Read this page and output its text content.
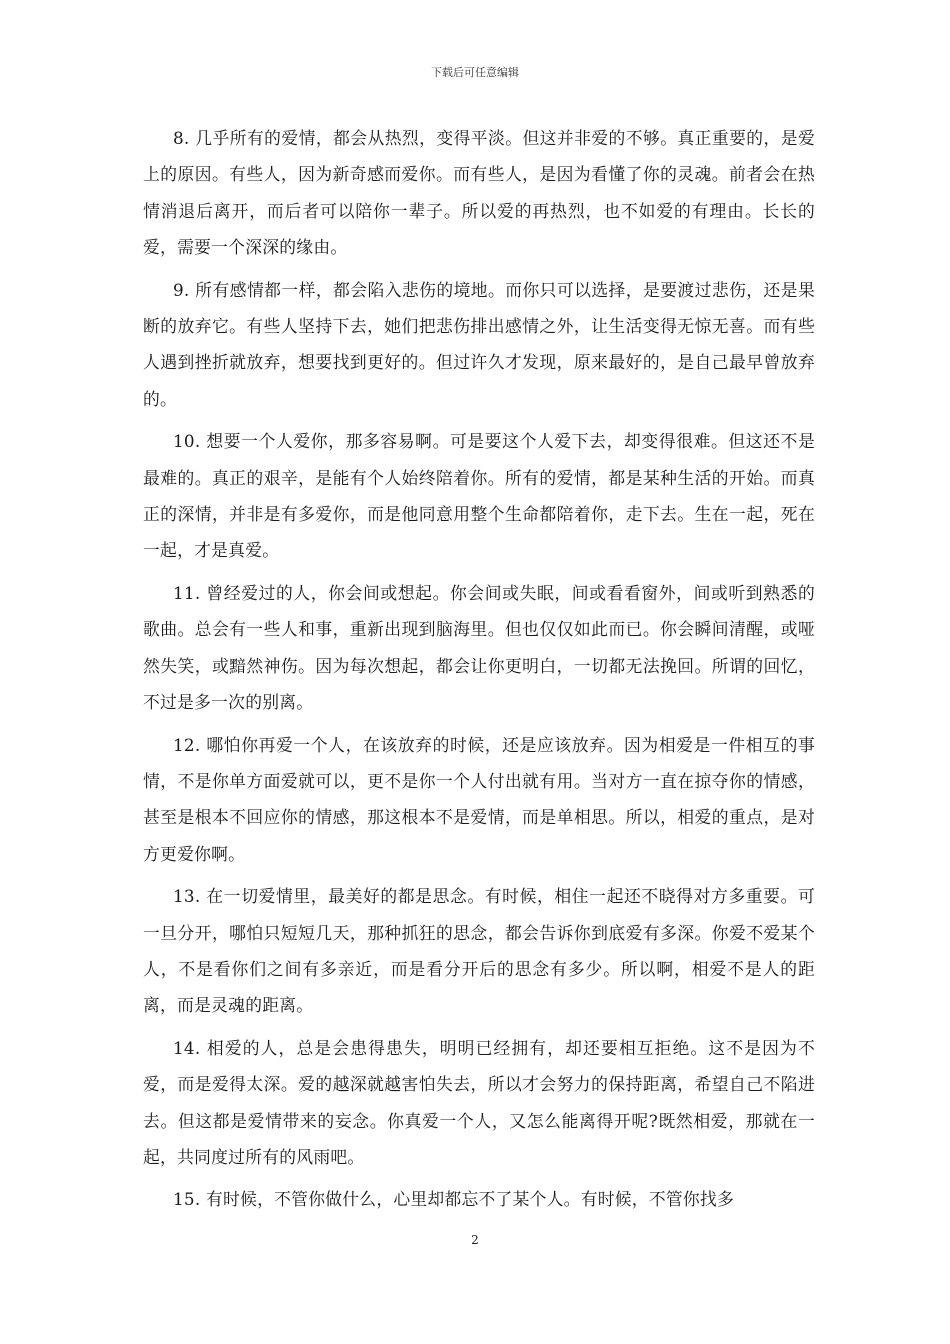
下载后可任意编辑

8. 几乎所有的爱情，都会从热烈，变得平淡。但这并非爱的不够。真正重要的，是爱上的原因。有些人，因为新奇感而爱你。而有些人，是因为看懂了你的灵魂。前者会在热情消退后离开，而后者可以陪你一辈子。所以爱的再热烈，也不如爱的有理由。长长的爱，需要一个深深的缘由。

9. 所有感情都一样，都会陷入悲伤的境地。而你只可以选择，是要渡过悲伤，还是果断的放弃它。有些人坚持下去，她们把悲伤排出感情之外，让生活变得无惊无喜。而有些人遇到挫折就放弃，想要找到更好的。但过许久才发现，原来最好的，是自己最早曾放弃的。

10. 想要一个人爱你，那多容易啊。可是要这个人爱下去，却变得很难。但这还不是最难的。真正的艰辛，是能有个人始终陪着你。所有的爱情，都是某种生活的开始。而真正的深情，并非是有多爱你，而是他同意用整个生命都陪着你，走下去。生在一起，死在一起，才是真爱。

11. 曾经爱过的人，你会间或想起。你会间或失眠，间或看看窗外，间或听到熟悉的歌曲。总会有一些人和事，重新出现到脑海里。但也仅仅如此而已。你会瞬间清醒，或哑然失笑，或黯然神伤。因为每次想起，都会让你更明白，一切都无法挽回。所谓的回忆，不过是多一次的别离。

12. 哪怕你再爱一个人，在该放弃的时候，还是应该放弃。因为相爱是一件相互的事情，不是你单方面爱就可以，更不是你一个人付出就有用。当对方一直在掠夺你的情感，甚至是根本不回应你的情感，那这根本不是爱情，而是单相思。所以，相爱的重点，是对方更爱你啊。

13. 在一切爱情里，最美好的都是思念。有时候，相住一起还不晓得对方多重要。可一旦分开，哪怕只短短几天，那种抓狂的思念，都会告诉你到底爱有多深。你爱不爱某个人，不是看你们之间有多亲近，而是看分开后的思念有多少。所以啊，相爱不是人的距离，而是灵魂的距离。

14. 相爱的人，总是会患得患失，明明已经拥有，却还要相互拒绝。这不是因为不爱，而是爱得太深。爱的越深就越害怕失去，所以才会努力的保持距离，希望自己不陷进去。但这都是爱情带来的妄念。你真爱一个人，又怎么能离得开呢?既然相爱，那就在一起，共同度过所有的风雨吧。

15. 有时候，不管你做什么，心里却都忘不了某个人。有时候，不管你找多

2
